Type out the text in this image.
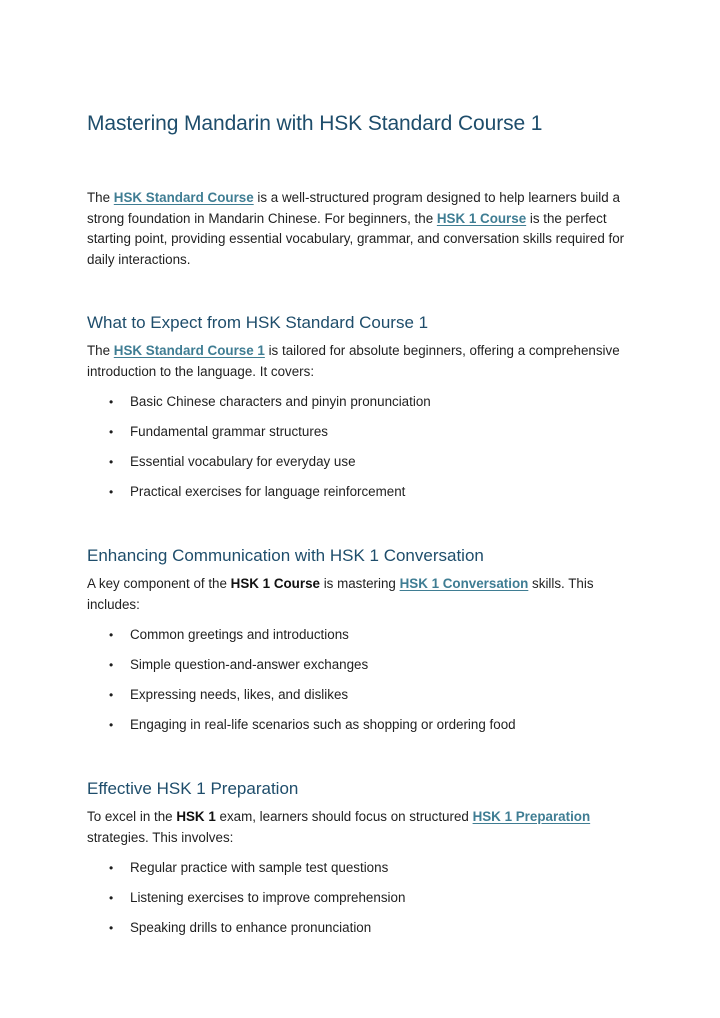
Mastering Mandarin with HSK Standard Course 1

The HSK Standard Course is a well-structured program designed to help learners build a strong foundation in Mandarin Chinese. For beginners, the HSK 1 Course is the perfect starting point, providing essential vocabulary, grammar, and conversation skills required for daily interactions.

What to Expect from HSK Standard Course 1

The HSK Standard Course 1 is tailored for absolute beginners, offering a comprehensive introduction to the language. It covers:

• Basic Chinese characters and pinyin pronunciation
• Fundamental grammar structures
• Essential vocabulary for everyday use
• Practical exercises for language reinforcement
Enhancing Communication with HSK 1 Conversation

A key component of the HSK 1 Course is mastering HSK 1 Conversation skills. This includes:

• Common greetings and introductions
• Simple question-and-answer exchanges
• Expressing needs, likes, and dislikes
• Engaging in real-life scenarios such as shopping or ordering food
Effective HSK 1 Preparation

To excel in the HSK 1 exam, learners should focus on structured HSK 1 Preparation strategies. This involves:

• Regular practice with sample test questions
• Listening exercises to improve comprehension
• Speaking drills to enhance pronunciation
